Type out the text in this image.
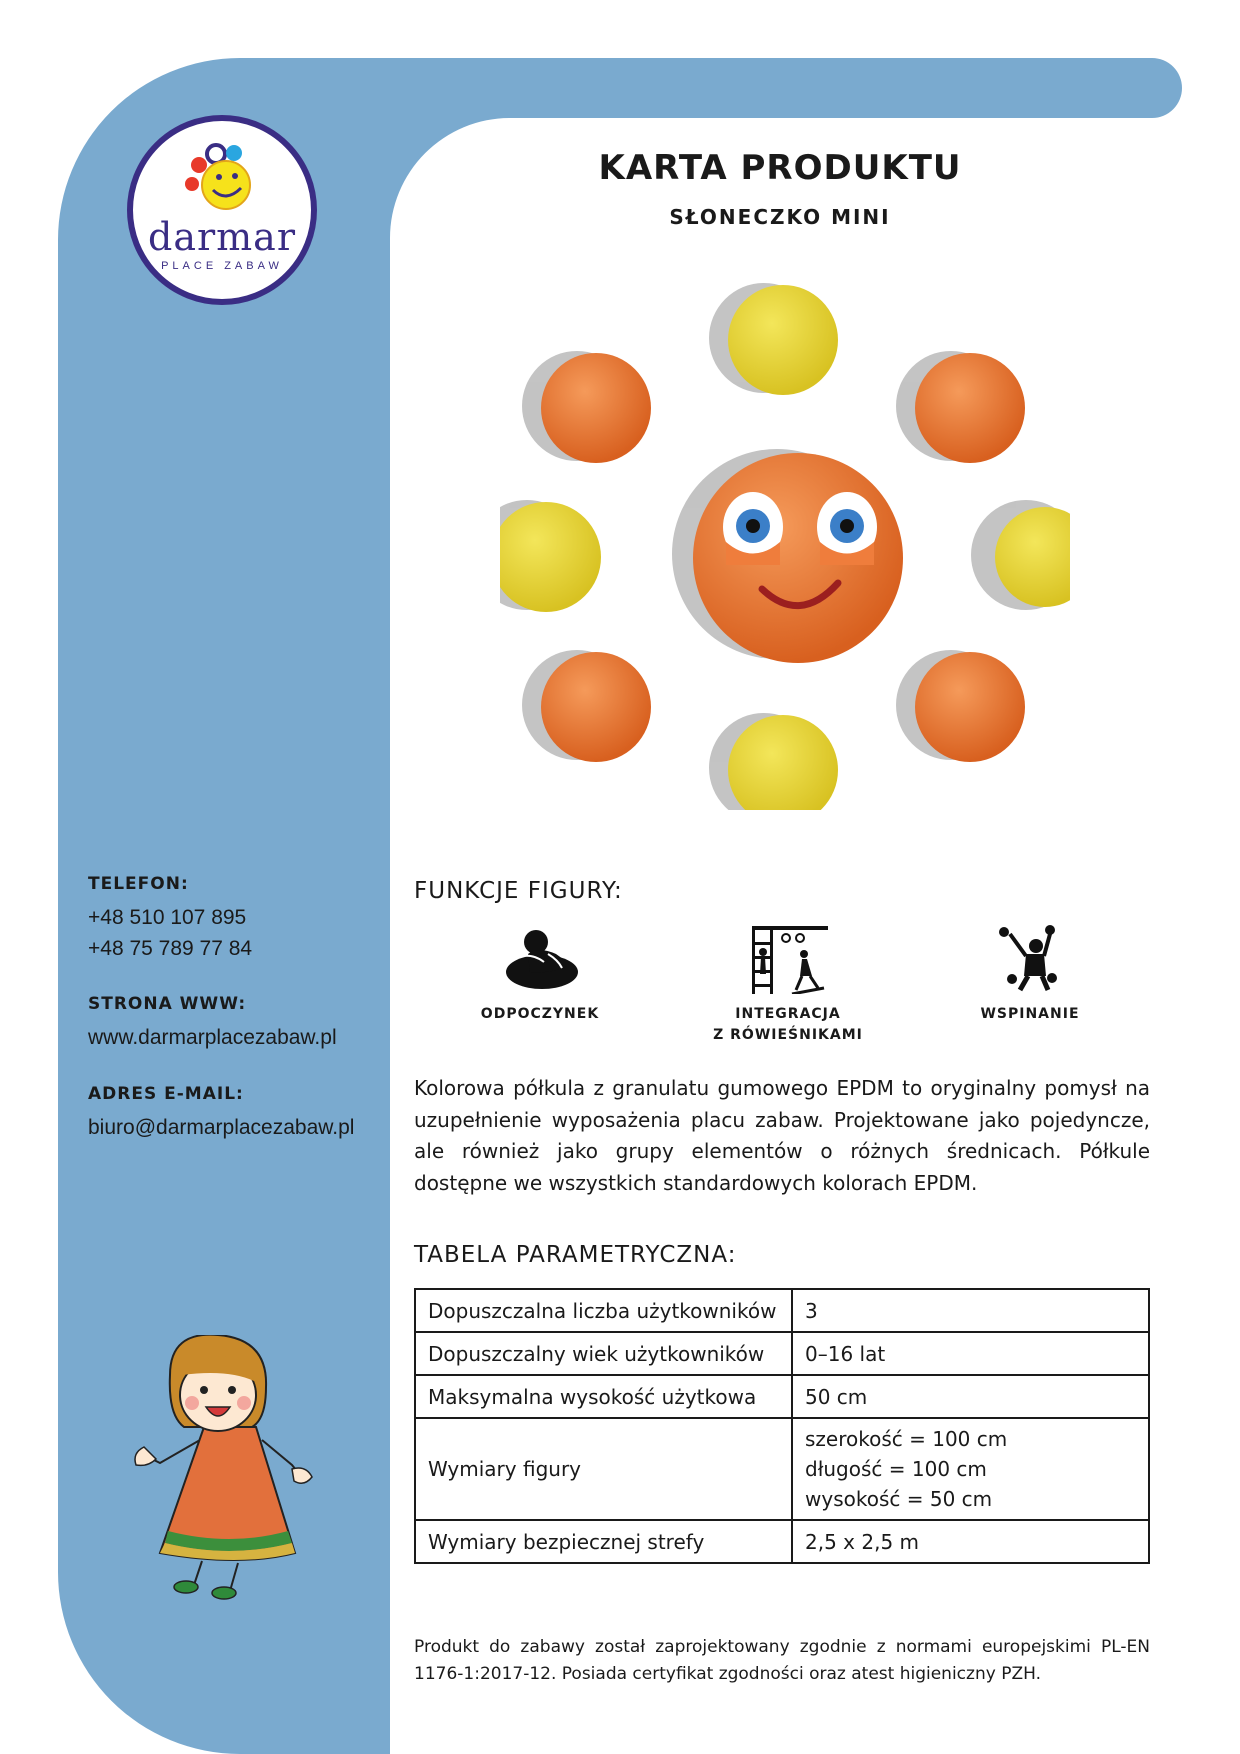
darmar
PLACE ZABAW
KARTA PRODUKTU
SŁONECZKO MINI
TELEFON:
+48 510 107 895
+48 75 789 77 84
STRONA WWW:
www.darmarplacezabaw.pl
ADRES E-MAIL:
biuro@darmarplacezabaw.pl
FUNKCJE FIGURY:
ODPOCZYNEK	INTEGRACJA
Z RÓWIEŚNIKAMI
WSPINANIE
Kolorowa półkula z granulatu gumowego EPDM to oryginalny pomysł na uzupełnienie wyposażenia placu zabaw. Projektowane jako pojedyncze, ale również jako grupy elementów o różnych średnicach. Półkule dostępne we wszystkich standardowych kolorach EPDM.
TABELA PARAMETRYCZNA:
Dopuszczalna liczba użytkowników	3
Dopuszczalny wiek użytkowników	0–16 lat
Maksymalna wysokość użytkowa	50 cm
Wymiary figury	szerokość = 100 cm
długość = 100 cm
wysokość = 50 cm

Wymiary bezpiecznej strefy	2,5 x 2,5 m
Produkt do zabawy został zaprojektowany zgodnie z normami europejskimi PL-EN 1176-1:2017-12. Posiada certyfikat zgodności oraz atest higieniczny PZH.
